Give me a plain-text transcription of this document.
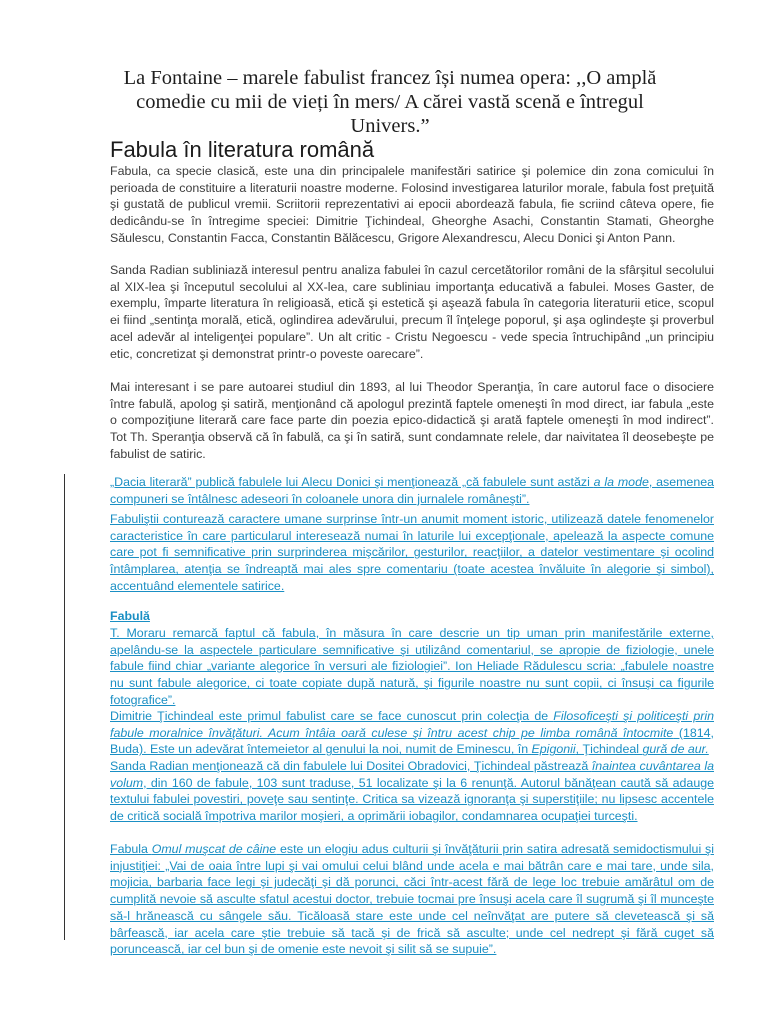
La Fontaine – marele fabulist francez își numea opera: ,,O amplă comedie cu mii de vieți în mers/ A cărei vastă scenă e întregul Univers.”

Fabula în literatura română

Fabula, ca specie clasică, este una din principalele manifestări satirice şi polemice din zona comicului în perioada de constituire a literaturii noastre moderne. Folosind investigarea laturilor morale, fabula fost preţuită şi gustată de publicul vremii. Scriitorii reprezentativi ai epocii abordează fabula, fie scriind câteva opere, fie dedicându-se în întregime speciei: Dimitrie Ţichindeal, Gheorghe Asachi, Constantin Stamati, Gheorghe Săulescu, Constantin Facca, Constantin Bălăcescu, Grigore Alexandrescu, Alecu Donici şi Anton Pann.

Sanda Radian subliniază interesul pentru analiza fabulei în cazul cercetătorilor români de la sfârşitul secolului al XIX-lea şi începutul secolului al XX-lea, care subliniau importanţa educativă a fabulei. Moses Gaster, de exemplu, împarte literatura în religioasă, etică şi estetică şi aşează fabula în categoria literaturii etice, scopul ei fiind „sentinţa morală, etică, oglindirea adevărului, precum îl înţelege poporul, şi aşa oglindeşte şi proverbul acel adevăr al inteligenţei populare”. Un alt critic - Cristu Negoescu - vede specia întruchipând „un principiu etic, concretizat şi demonstrat printr-o poveste oarecare”.

Mai interesant i se pare autoarei studiul din 1893, al lui Theodor Speranţia, în care autorul face o disociere între fabulă, apolog şi satiră, menţionând că apologul prezintă faptele omeneşti în mod direct, iar fabula „este o compoziţiune literară care face parte din poezia epico-didactică şi arată faptele omeneşti în mod indirect”. Tot Th. Speranţia observă că în fabulă, ca şi în satiră, sunt condamnate relele, dar naivitatea îl deosebeşte pe fabulist de satiric.

„Dacia literară” publică fabulele lui Alecu Donici şi menţionează „că fabulele sunt astăzi a la mode, asemenea compuneri se întâlnesc adeseori în coloanele unora din jurnalele româneşti”.

Fabuliştii conturează caractere umane surprinse într-un anumit moment istoric, utilizează datele fenomenelor caracteristice în care particularul interesează numai în laturile lui excepţionale, apelează la aspecte comune care pot fi semnificative prin surprinderea mişcărilor, gesturilor, reacţiilor, a datelor vestimentare şi ocolind întâmplarea, atenţia se îndreaptă mai ales spre comentariu (toate acestea învăluite în alegorie şi simbol), accentuând elementele satirice.

Fabulă

T. Moraru remarcă faptul că fabula, în măsura în care descrie un tip uman prin manifestările externe, apelându-se la aspectele particulare semnificative şi utilizând comentariul, se apropie de fiziologie, unele fabule fiind chiar „variante alegorice în versuri ale fiziologiei”. Ion Heliade Rădulescu scria: „fabulele noastre nu sunt fabule alegorice, ci toate copiate după natură, şi figurile noastre nu sunt copii, ci însuşi ca figurile fotografice”.

Dimitrie Ţichindeal este primul fabulist care se face cunoscut prin colecţia de Filosoficeşti şi politiceşti prin fabule moralnice învăţături. Acum întâia oară culese şi întru acest chip pe limba română întocmite (1814, Buda). Este un adevărat întemeietor al genului la noi, numit de Eminescu, în Epigonii, Ţichindeal gură de aur.

Sanda Radian menţionează că din fabulele lui Dositei Obradovici, Ţichindeal păstrează înaintea cuvântarea la volum, din 160 de fabule, 103 sunt traduse, 51 localizate şi la 6 renunţă. Autorul bănăţean caută să adauge textului fabulei povestiri, poveţe sau sentinţe. Critica sa vizează ignoranţa şi superstiţiile; nu lipsesc accentele de critică socială împotriva marilor moşieri, a oprimării iobagilor, condamnarea ocupaţiei turceşti.

Fabula Omul muşcat de câine este un elogiu adus culturii şi învăţăturii prin satira adresată semidoctismului şi injustiţiei: „Vai de oaia între lupi şi vai omului celui blând unde acela e mai bătrân care e mai tare, unde sila, mojicia, barbaria face legi şi judecăţi şi dă porunci, căci într-acest fără de lege loc trebuie amărâtul om de cumplită nevoie să asculte sfatul acestui doctor, trebuie tocmai pre însuşi acela care îl sugrumă şi îl munceşte să-l hrănească cu sângele său. Ticăloasă stare este unde cel neînvăţat are putere să clevetească şi să bârfească, iar acela care ştie trebuie să tacă şi de frică să asculte; unde cel nedrept şi fără cuget să poruncească, iar cel bun şi de omenie este nevoit şi silit să se supuie”.
